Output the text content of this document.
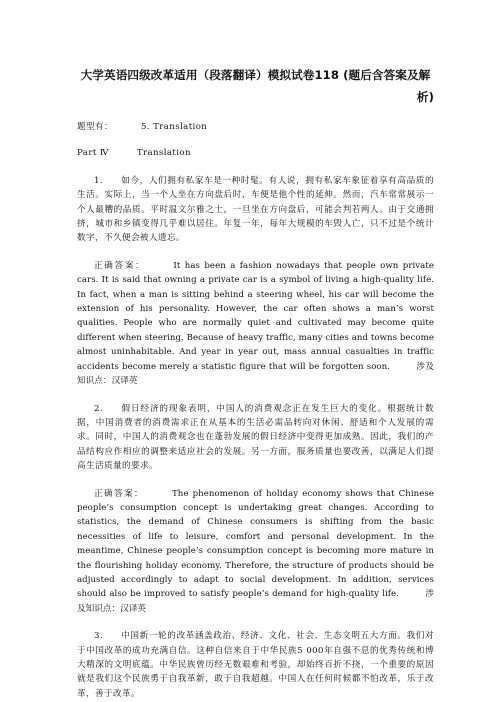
大学英语四级改革适用（段落翻译）模拟试卷118 (题后含答案及解
析)

题型有：	5. Translation

Part Ⅳ	Translation

1. 如今，人们拥有私家车是一种时髦。有人说，拥有私家车象征着享有高品质的生活。实际上，当一个人坐在方向盘后时，车便是他个性的延伸。然而，汽车常常展示一个人最糟的品质。平时温文尔雅之士，一旦坐在方向盘后，可能会判若两人。由于交通拥挤，城市和乡镇变得几乎难以居住。年复一年，每年大规模的车毁人亡，只不过是个统计数字，不久便会被人遗忘。

正确答案：	It has been a fashion nowadays that people own private cars. It is said that owning a private car is a symbol of living a high-quality life. In fact, when a man is sitting behind a steering wheel, his car will become the extension of his personality. However, the car often shows a man’s worst qualities. People who are normally quiet and cultivated may become quite different when steering. Because of heavy traffic, many cities and towns become almost uninhabitable. And year in year out, mass annual casualties in traffic accidents become merely a statistic figure that will be forgotten soon.	涉及知识点：汉译英

2. 假日经济的现象表明，中国人的消费观念正在发生巨大的变化。根据统计数据，中国消费者的消费需求正在从基本的生活必需品转向对休闲、舒适和个人发展的需求。同时，中国人的消费观念也在蓬勃发展的假日经济中变得更加成熟。因此，我们的产品结构应作相应的调整来适应社会的发展。另一方面，服务质量也要改善，以满足人们提高生活质量的要求。

正确答案：	The phenomenon of holiday economy shows that Chinese people’s consumption concept is undertaking great changes. According to statistics, the demand of Chinese consumers is shifting from the basic necessities of life to leisure, comfort and personal development. In the meantime, Chinese people’s consumption concept is becoming more mature in the flourishing holiday economy. Therefore, the structure of products should be adjusted accordingly to adapt to social development. In addition, services should also be improved to satisfy people’s demand for high-quality life.	涉及知识点：汉译英

3. 中国新一轮的改革涵盖政治、经济、文化、社会、生态文明五大方面。我们对于中国改革的成功充满自信。这种自信来自于中华民族5 000年自强不息的优秀传统和博大精深的文明底蕴。中华民族曾历经无数艰难和考验，却始终百折不挠，一个重要的原因就是我们这个民族勇于自我革新，敢于自我超越。中国人在任何时候都不怕改革，乐于改革，善于改革。
